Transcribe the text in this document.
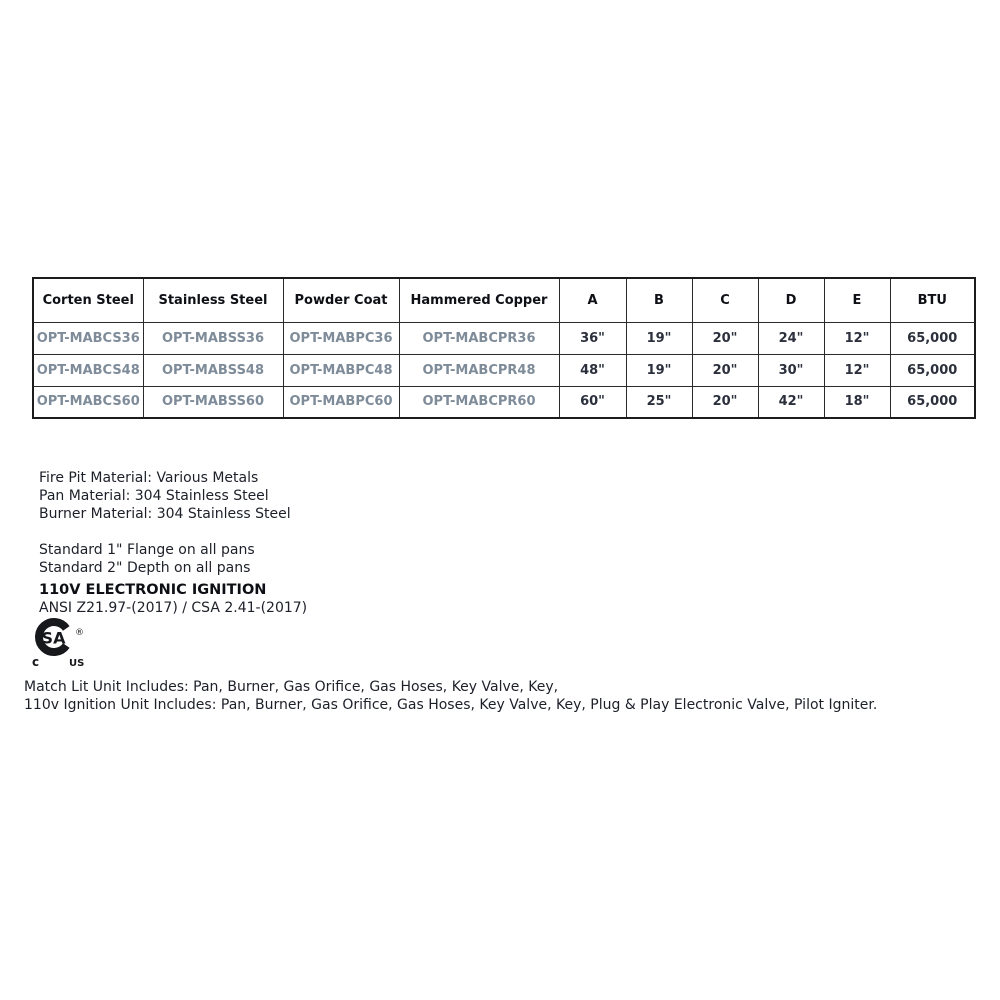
Corten Steel	Stainless Steel	Powder Coat	Hammered Copper	A	B	C	D	E	BTU
OPT-MABCS36	OPT-MABSS36	OPT-MABPC36	OPT-MABCPR36	36"	19"	20"	24"	12"	65,000
OPT-MABCS48	OPT-MABSS48	OPT-MABPC48	OPT-MABCPR48	48"	19"	20"	30"	12"	65,000
OPT-MABCS60	OPT-MABSS60	OPT-MABPC60	OPT-MABCPR60	60"	25"	20"	42"	18"	65,000
Fire Pit Material: Various Metals
Pan Material: 304 Stainless Steel
Burner Material: 304 Stainless Steel
Standard 1" Flange on all pans
Standard 2" Depth on all pans
110V ELECTRONIC IGNITION
ANSI Z21.97-(2017) / CSA 2.41-(2017)
SA ®
c	US
Match Lit Unit Includes: Pan, Burner, Gas Orifice, Gas Hoses, Key Valve, Key,
110v Ignition Unit Includes: Pan, Burner, Gas Orifice, Gas Hoses, Key Valve, Key, Plug & Play Electronic Valve, Pilot Igniter.
